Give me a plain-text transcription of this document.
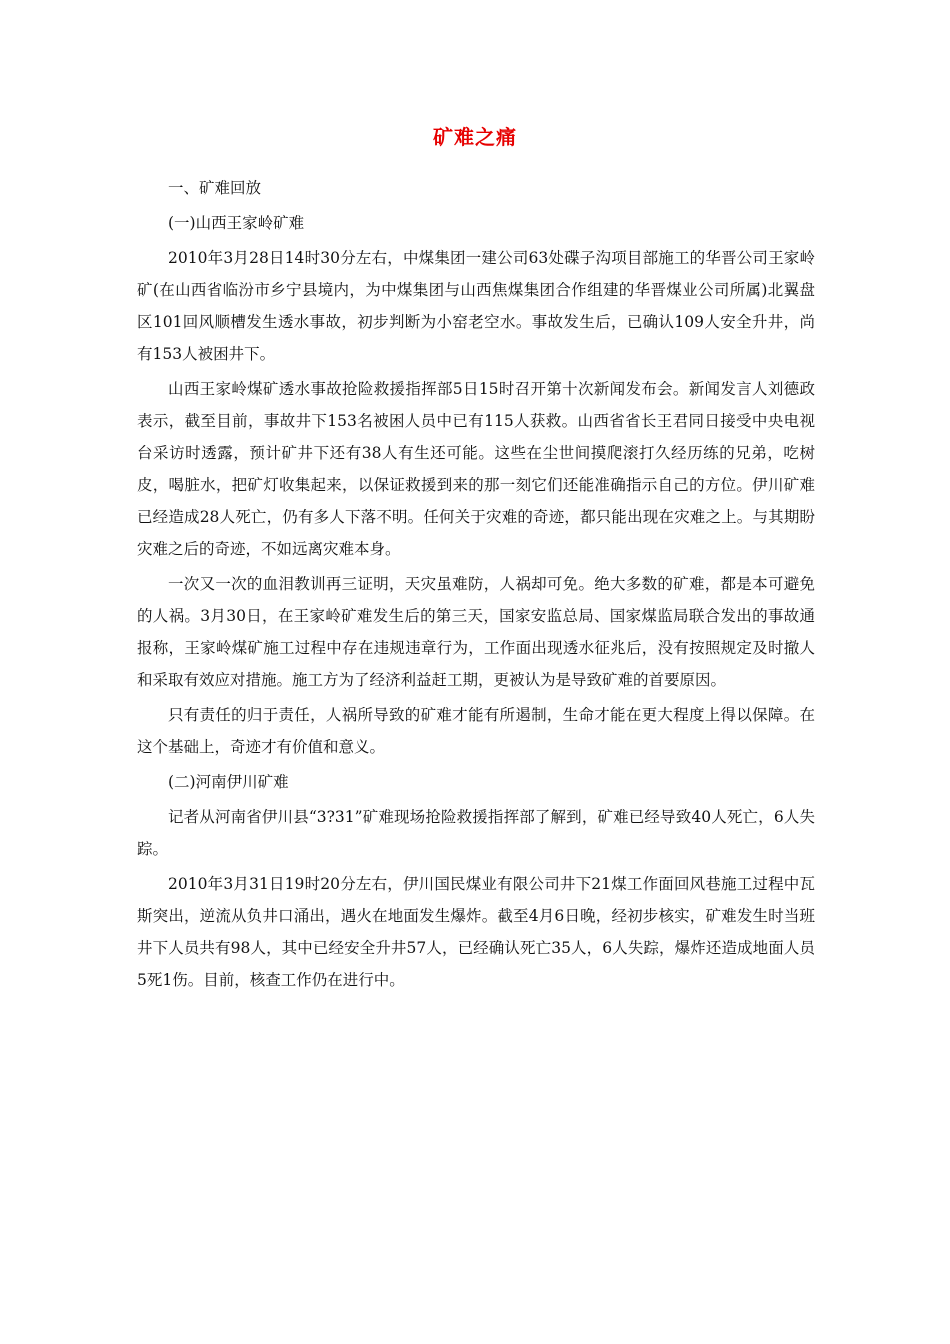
矿难之痛

一、矿难回放

(一)山西王家岭矿难

2010年3月28日14时30分左右，中煤集团一建公司63处碟子沟项目部施工的华晋公司王家岭矿(在山西省临汾市乡宁县境内，为中煤集团与山西焦煤集团合作组建的华晋煤业公司所属)北翼盘区101回风顺槽发生透水事故，初步判断为小窑老空水。事故发生后，已确认109人安全升井，尚有153人被困井下。

山西王家岭煤矿透水事故抢险救援指挥部5日15时召开第十次新闻发布会。新闻发言人刘德政表示，截至目前，事故井下153名被困人员中已有115人获救。山西省省长王君同日接受中央电视台采访时透露，预计矿井下还有38人有生还可能。这些在尘世间摸爬滚打久经历练的兄弟，吃树皮，喝脏水，把矿灯收集起来，以保证救援到来的那一刻它们还能准确指示自己的方位。伊川矿难已经造成28人死亡，仍有多人下落不明。任何关于灾难的奇迹，都只能出现在灾难之上。与其期盼灾难之后的奇迹，不如远离灾难本身。

一次又一次的血泪教训再三证明，天灾虽难防，人祸却可免。绝大多数的矿难，都是本可避免的人祸。3月30日，在王家岭矿难发生后的第三天，国家安监总局、国家煤监局联合发出的事故通报称，王家岭煤矿施工过程中存在违规违章行为，工作面出现透水征兆后，没有按照规定及时撤人和采取有效应对措施。施工方为了经济利益赶工期，更被认为是导致矿难的首要原因。

只有责任的归于责任，人祸所导致的矿难才能有所遏制，生命才能在更大程度上得以保障。在这个基础上，奇迹才有价值和意义。

(二)河南伊川矿难

记者从河南省伊川县“3?31”矿难现场抢险救援指挥部了解到，矿难已经导致40人死亡，6人失踪。

2010年3月31日19时20分左右，伊川国民煤业有限公司井下21煤工作面回风巷施工过程中瓦斯突出，逆流从负井口涌出，遇火在地面发生爆炸。截至4月6日晚，经初步核实，矿难发生时当班井下人员共有98人，其中已经安全升井57人，已经确认死亡35人，6人失踪，爆炸还造成地面人员5死1伤。目前，核查工作仍在进行中。
